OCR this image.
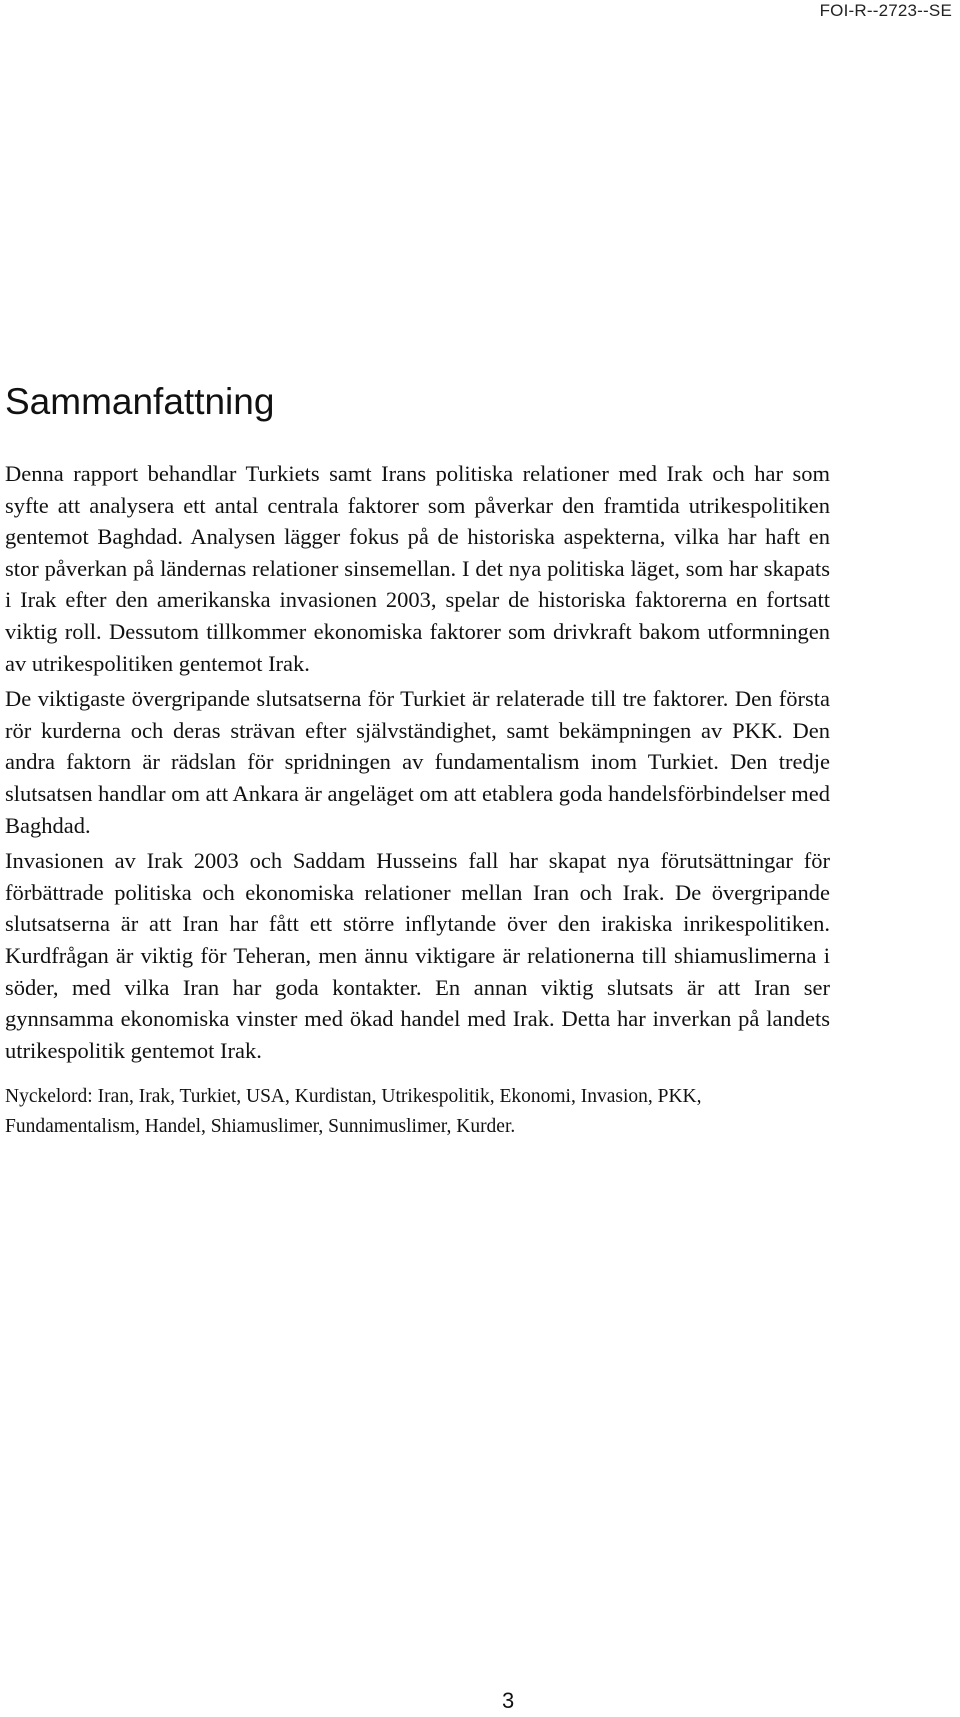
FOI-R--2723--SE
Sammanfattning

Denna rapport behandlar Turkiets samt Irans politiska relationer med Irak och har som syfte att analysera ett antal centrala faktorer som påverkar den framtida utrikespolitiken gentemot Baghdad. Analysen lägger fokus på de historiska aspekterna, vilka har haft en stor påverkan på ländernas relationer sinsemellan. I det nya politiska läget, som har skapats i Irak efter den amerikanska invasionen 2003, spelar de historiska faktorerna en fortsatt viktig roll. Dessutom tillkommer ekonomiska faktorer som drivkraft bakom utformningen av utrikespolitiken gentemot Irak.

De viktigaste övergripande slutsatserna för Turkiet är relaterade till tre faktorer. Den första rör kurderna och deras strävan efter självständighet, samt bekämpningen av PKK. Den andra faktorn är rädslan för spridningen av fundamentalism inom Turkiet. Den tredje slutsatsen handlar om att Ankara är angeläget om att etablera goda handelsförbindelser med Baghdad.

Invasionen av Irak 2003 och Saddam Husseins fall har skapat nya förutsättningar för förbättrade politiska och ekonomiska relationer mellan Iran och Irak. De övergripande slutsatserna är att Iran har fått ett större inflytande över den irakiska inrikespolitiken. Kurdfrågan är viktig för Teheran, men ännu viktigare är relationerna till shiamuslimerna i söder, med vilka Iran har goda kontakter. En annan viktig slutsats är att Iran ser gynnsamma ekonomiska vinster med ökad handel med Irak. Detta har inverkan på landets utrikespolitik gentemot Irak.

Nyckelord: Iran, Irak, Turkiet, USA, Kurdistan, Utrikespolitik, Ekonomi, Invasion, PKK, Fundamentalism, Handel, Shiamuslimer, Sunnimuslimer, Kurder.

3
